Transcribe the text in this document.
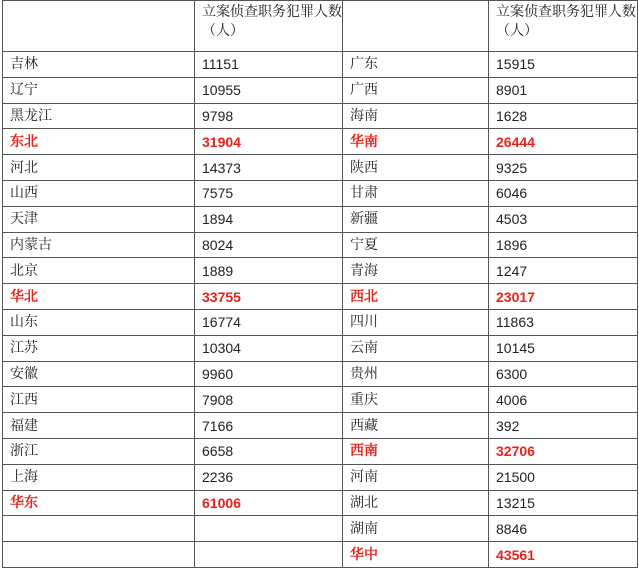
	立案侦查职务犯罪人数（人）		立案侦查职务犯罪人数（人）
吉林	11151	广东	15915
辽宁	10955	广西	8901
黑龙江	9798	海南	1628
东北	31904	华南	26444
河北	14373	陕西	9325
山西	7575	甘肃	6046
天津	1894	新疆	4503
内蒙古	8024	宁夏	1896
北京	1889	青海	1247
华北	33755	西北	23017
山东	16774	四川	11863
江苏	10304	云南	10145
安徽	9960	贵州	6300
江西	7908	重庆	4006
福建	7166	西藏	392
浙江	6658	西南	32706
上海	2236	河南	21500
华东	61006	湖北	13215
		湖南	8846
		华中	43561
